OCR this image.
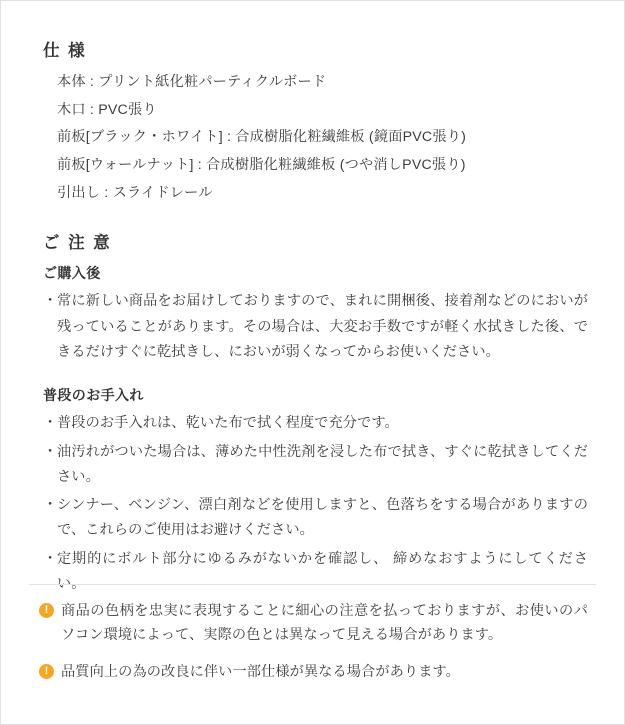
仕 様
本体 : プリント紙化粧パーティクルボード
木口 : PVC張り
前板[ブラック・ホワイト] : 合成樹脂化粧繊維板 (鏡面PVC張り)
前板[ウォールナット] : 合成樹脂化粧繊維板 (つや消しPVC張り)
引出し : スライドレール
ご 注 意
ご購入後
・ 常に新しい商品をお届けしておりますので、まれに開梱後、接着剤などのにおいが残っていることがあります。その場合は、大変お手数ですが軽く水拭きした後、できるだけすぐに乾拭きし、においが弱くなってからお使いください。
普段のお手入れ
・ 普段のお手入れは、乾いた布で拭く程度で充分です。
・ 油汚れがついた場合は、薄めた中性洗剤を浸した布で拭き、すぐに乾拭きしてください。
・ シンナー、ベンジン、漂白剤などを使用しますと、色落ちをする場合がありますので、これらのご使用はお避けください。
・ 定期的にボルト部分にゆるみがないかを確認し、 締めなおすようにしてください。
! 商品の色柄を忠実に表現することに細心の注意を払っておりますが、お使いのパソコン環境によって、実際の色とは異なって見える場合があります。
! 品質向上の為の改良に伴い一部仕様が異なる場合があります。
